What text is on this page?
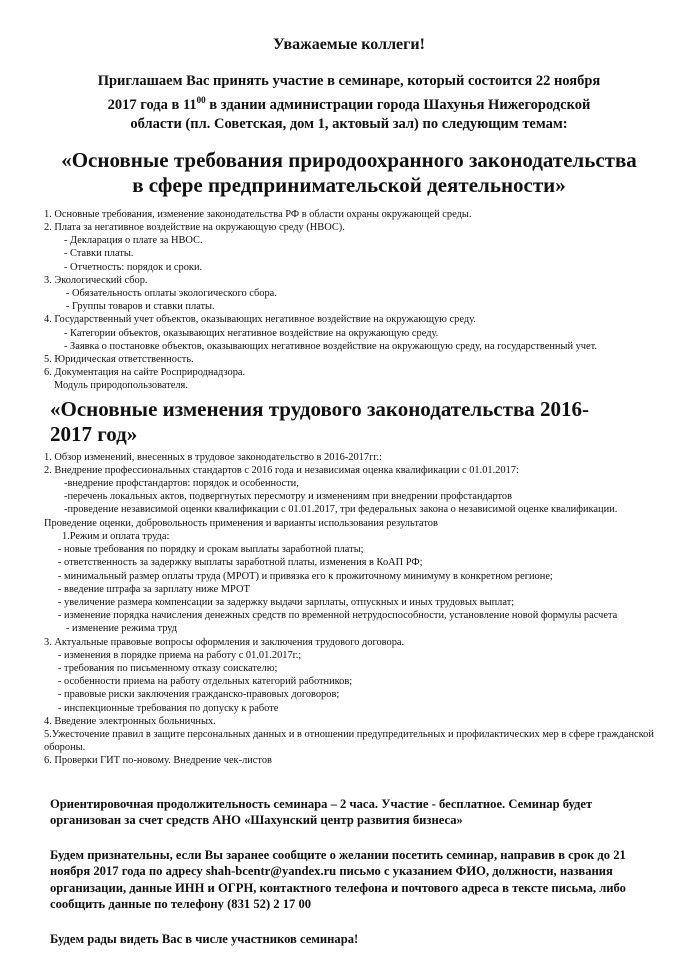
Уважаемые коллеги!
Приглашаем Вас принять участие в семинаре, который состоится 22 ноября
2017 года в $11^{00}$ в здании администрации города Шахунья Нижегородской
области (пл. Советская, дом 1, актовый зал) по следующим темам:
«Основные требования природоохранного законодательства
в сфере предпринимательской деятельности»
1. Основные требования, изменение законодательства РФ в области охраны окружающей среды.
2. Плата за негативное воздействие на окружающую среду (НВОС).
- Декларация о плате за НВОС.
- Ставки платы.
- Отчетность: порядок и сроки.
3. Экологический сбор.
- Обязательность оплаты экологического сбора.
- Группы товаров и ставки платы.
4. Государственный учет объектов, оказывающих негативное воздействие на окружающую среду.
- Категории объектов, оказывающих негативное воздействие на окружающую среду.
- Заявка о постановке объектов, оказывающих негативное воздействие на окружающую среду, на государственный учет.
5. Юридическая ответственность.
6. Документация на сайте Росприроднадзора.
Модуль природопользователя.
«Основные изменения трудового законодательства 2016-
2017 год»
1. Обзор изменений, внесенных в трудовое законодательство в 2016-2017гг.:
2. Внедрение профессиональных стандартов с 2016 года и независимая оценка квалификации с 01.01.2017:
-внедрение профстандартов: порядок и особенности,
-перечень локальных актов, подвергнутых пересмотру и изменениям при внедрении профстандартов
-проведение независимой оценки квалификации с 01.01.2017, три федеральных закона о независимой оценке квалификации.
Проведение оценки, добровольность применения и варианты использования результатов
1.Режим и оплата труда:
- новые требования по порядку и срокам выплаты заработной платы;
- ответственность за задержку выплаты заработной платы, изменения в КоАП РФ;
- минимальный размер оплаты труда (МРОТ) и привязка его к прожиточному минимуму в конкретном регионе;
- введение штрафа за зарплату ниже МРОТ
- увеличение размера компенсации за задержку выдачи зарплаты, отпускных и иных трудовых выплат;
- изменение порядка начисления денежных средств по временной нетрудоспособности, установление новой формулы расчета
- изменение режима труд
3. Актуальные правовые вопросы оформления и заключения трудового договора.
- изменения в порядке приема на работу с 01.01.2017г.;
- требования по письменному отказу соискателю;
- особенности приема на работу отдельных категорий работников;
- правовые риски заключения гражданско-правовых договоров;
- инспекционные требования по допуску к работе
4. Введение электронных больничных.
5.Ужесточение правил в защите персональных данных и в отношении предупредительных и профилактических мер в сфере гражданской обороны.
6. Проверки ГИТ по-новому. Внедрение чек-листов
Ориентировочная продолжительность семинара – 2 часа. Участие - бесплатное. Семинар будет организован за счет средств АНО «Шахунский центр развития бизнеса»
Будем признательны, если Вы заранее сообщите о желании посетить семинар, направив в срок до 21 ноября 2017 года по адресу shah-bcentr@yandex.ru письмо с указанием ФИО, должности, названия организации, данные ИНН и ОГРН, контактного телефона и почтового адреса в тексте письма, либо сообщить данные по телефону (831 52) 2 17 00
Будем рады видеть Вас в числе участников семинара!
